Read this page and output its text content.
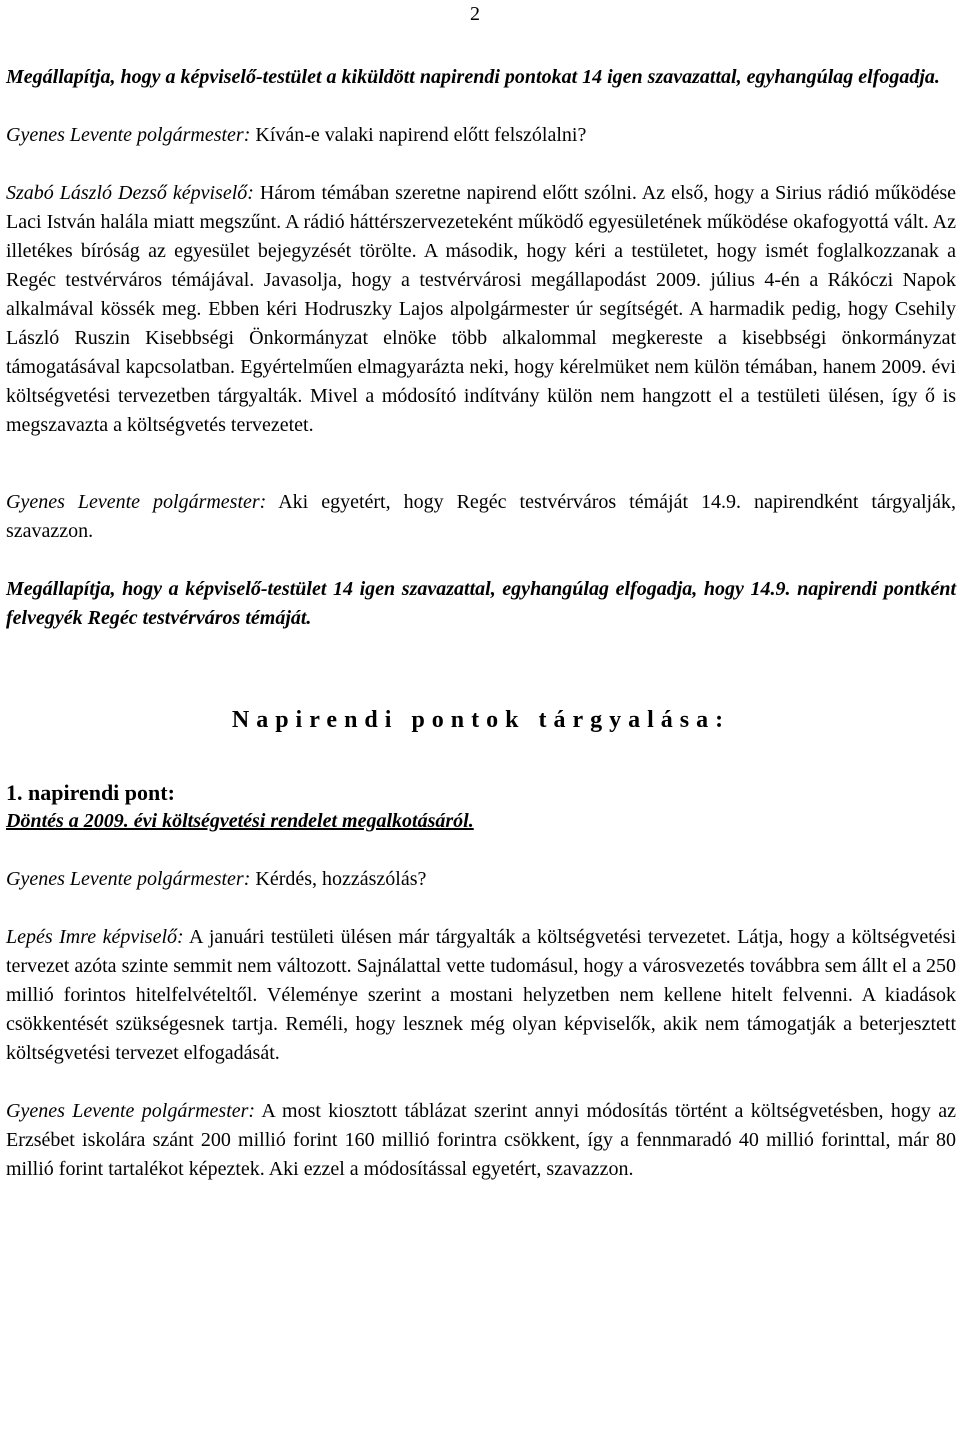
2

Megállapítja, hogy a képviselő-testület a kiküldött napirendi pontokat 14 igen szavazattal, egyhangúlag elfogadja.

Gyenes Levente polgármester: Kíván-e valaki napirend előtt felszólalni?

Szabó László Dezső képviselő: Három témában szeretne napirend előtt szólni. Az első, hogy a Sirius rádió működése Laci István halála miatt megszűnt. A rádió háttérszervezeteként működő egyesületének működése okafogyottá vált. Az illetékes bíróság az egyesület bejegyzését törölte. A második, hogy kéri a testületet, hogy ismét foglalkozzanak a Regéc testvérváros témájával. Javasolja, hogy a testvérvárosi megállapodást 2009. július 4-én a Rákóczi Napok alkalmával kössék meg. Ebben kéri Hodruszky Lajos alpolgármester úr segítségét. A harmadik pedig, hogy Csehily László Ruszin Kisebbségi Önkormányzat elnöke több alkalommal megkereste a kisebbségi önkormányzat támogatásával kapcsolatban. Egyértelműen elmagyarázta neki, hogy kérelmüket nem külön témában, hanem 2009. évi költségvetési tervezetben tárgyalták. Mivel a módosító indítvány külön nem hangzott el a testületi ülésen, így ő is megszavazta a költségvetés tervezetet.

Gyenes Levente polgármester: Aki egyetért, hogy Regéc testvérváros témáját 14.9. napirendként tárgyalják, szavazzon.

Megállapítja, hogy a képviselő-testület 14 igen szavazattal, egyhangúlag elfogadja, hogy 14.9. napirendi pontként felvegyék Regéc testvérváros témáját.

Napirendi pontok tárgyalása:
1. napirendi pont:
Döntés a 2009. évi költségvetési rendelet megalkotásáról.

Gyenes Levente polgármester: Kérdés, hozzászólás?

Lepés Imre képviselő: A januári testületi ülésen már tárgyalták a költségvetési tervezetet. Látja, hogy a költségvetési tervezet azóta szinte semmit nem változott. Sajnálattal vette tudomásul, hogy a városvezetés továbbra sem állt el a 250 millió forintos hitelfelvételtől. Véleménye szerint a mostani helyzetben nem kellene hitelt felvenni. A kiadások csökkentését szükségesnek tartja. Reméli, hogy lesznek még olyan képviselők, akik nem támogatják a beterjesztett költségvetési tervezet elfogadását.

Gyenes Levente polgármester: A most kiosztott táblázat szerint annyi módosítás történt a költségvetésben, hogy az Erzsébet iskolára szánt 200 millió forint 160 millió forintra csökkent, így a fennmaradó 40 millió forinttal, már 80 millió forint tartalékot képeztek. Aki ezzel a módosítással egyetért, szavazzon.
